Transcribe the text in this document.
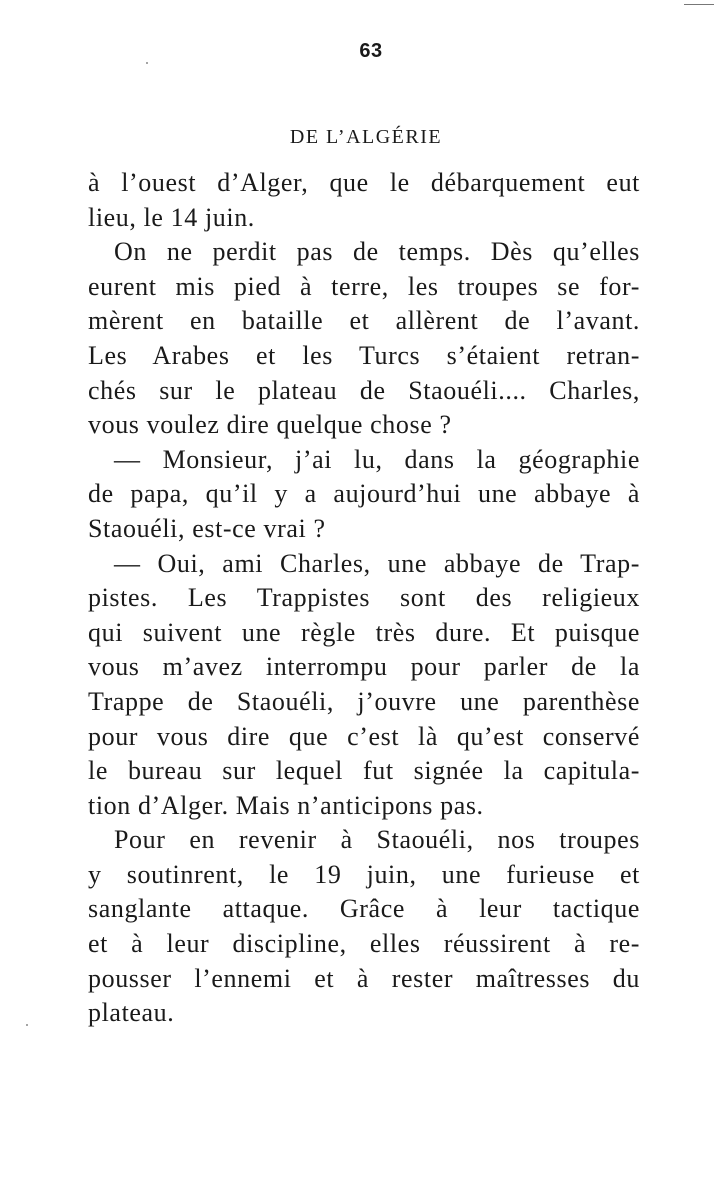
63
DE L’ALGÉRIE
à l’ouest d’Alger, que le débarquement eut
lieu, le 14 juin.
On ne perdit pas de temps. Dès qu’elles
eurent mis pied à terre, les troupes se for-
mèrent en bataille et allèrent de l’avant.
Les Arabes et les Turcs s’étaient retran-
chés sur le plateau de Staouéli.... Charles,
vous voulez dire quelque chose ?
— Monsieur, j’ai lu, dans la géographie
de papa, qu’il y a aujourd’hui une abbaye à
Staouéli, est-ce vrai ?
— Oui, ami Charles, une abbaye de Trap-
pistes. Les Trappistes sont des religieux
qui suivent une règle très dure. Et puisque
vous m’avez interrompu pour parler de la
Trappe de Staouéli, j’ouvre une parenthèse
pour vous dire que c’est là qu’est conservé
le bureau sur lequel fut signée la capitula-
tion d’Alger. Mais n’anticipons pas.
Pour en revenir à Staouéli, nos troupes
y soutinrent, le 19 juin, une furieuse et
sanglante attaque. Grâce à leur tactique
et à leur discipline, elles réussirent à re-
pousser l’ennemi et à rester maîtresses du
plateau.
